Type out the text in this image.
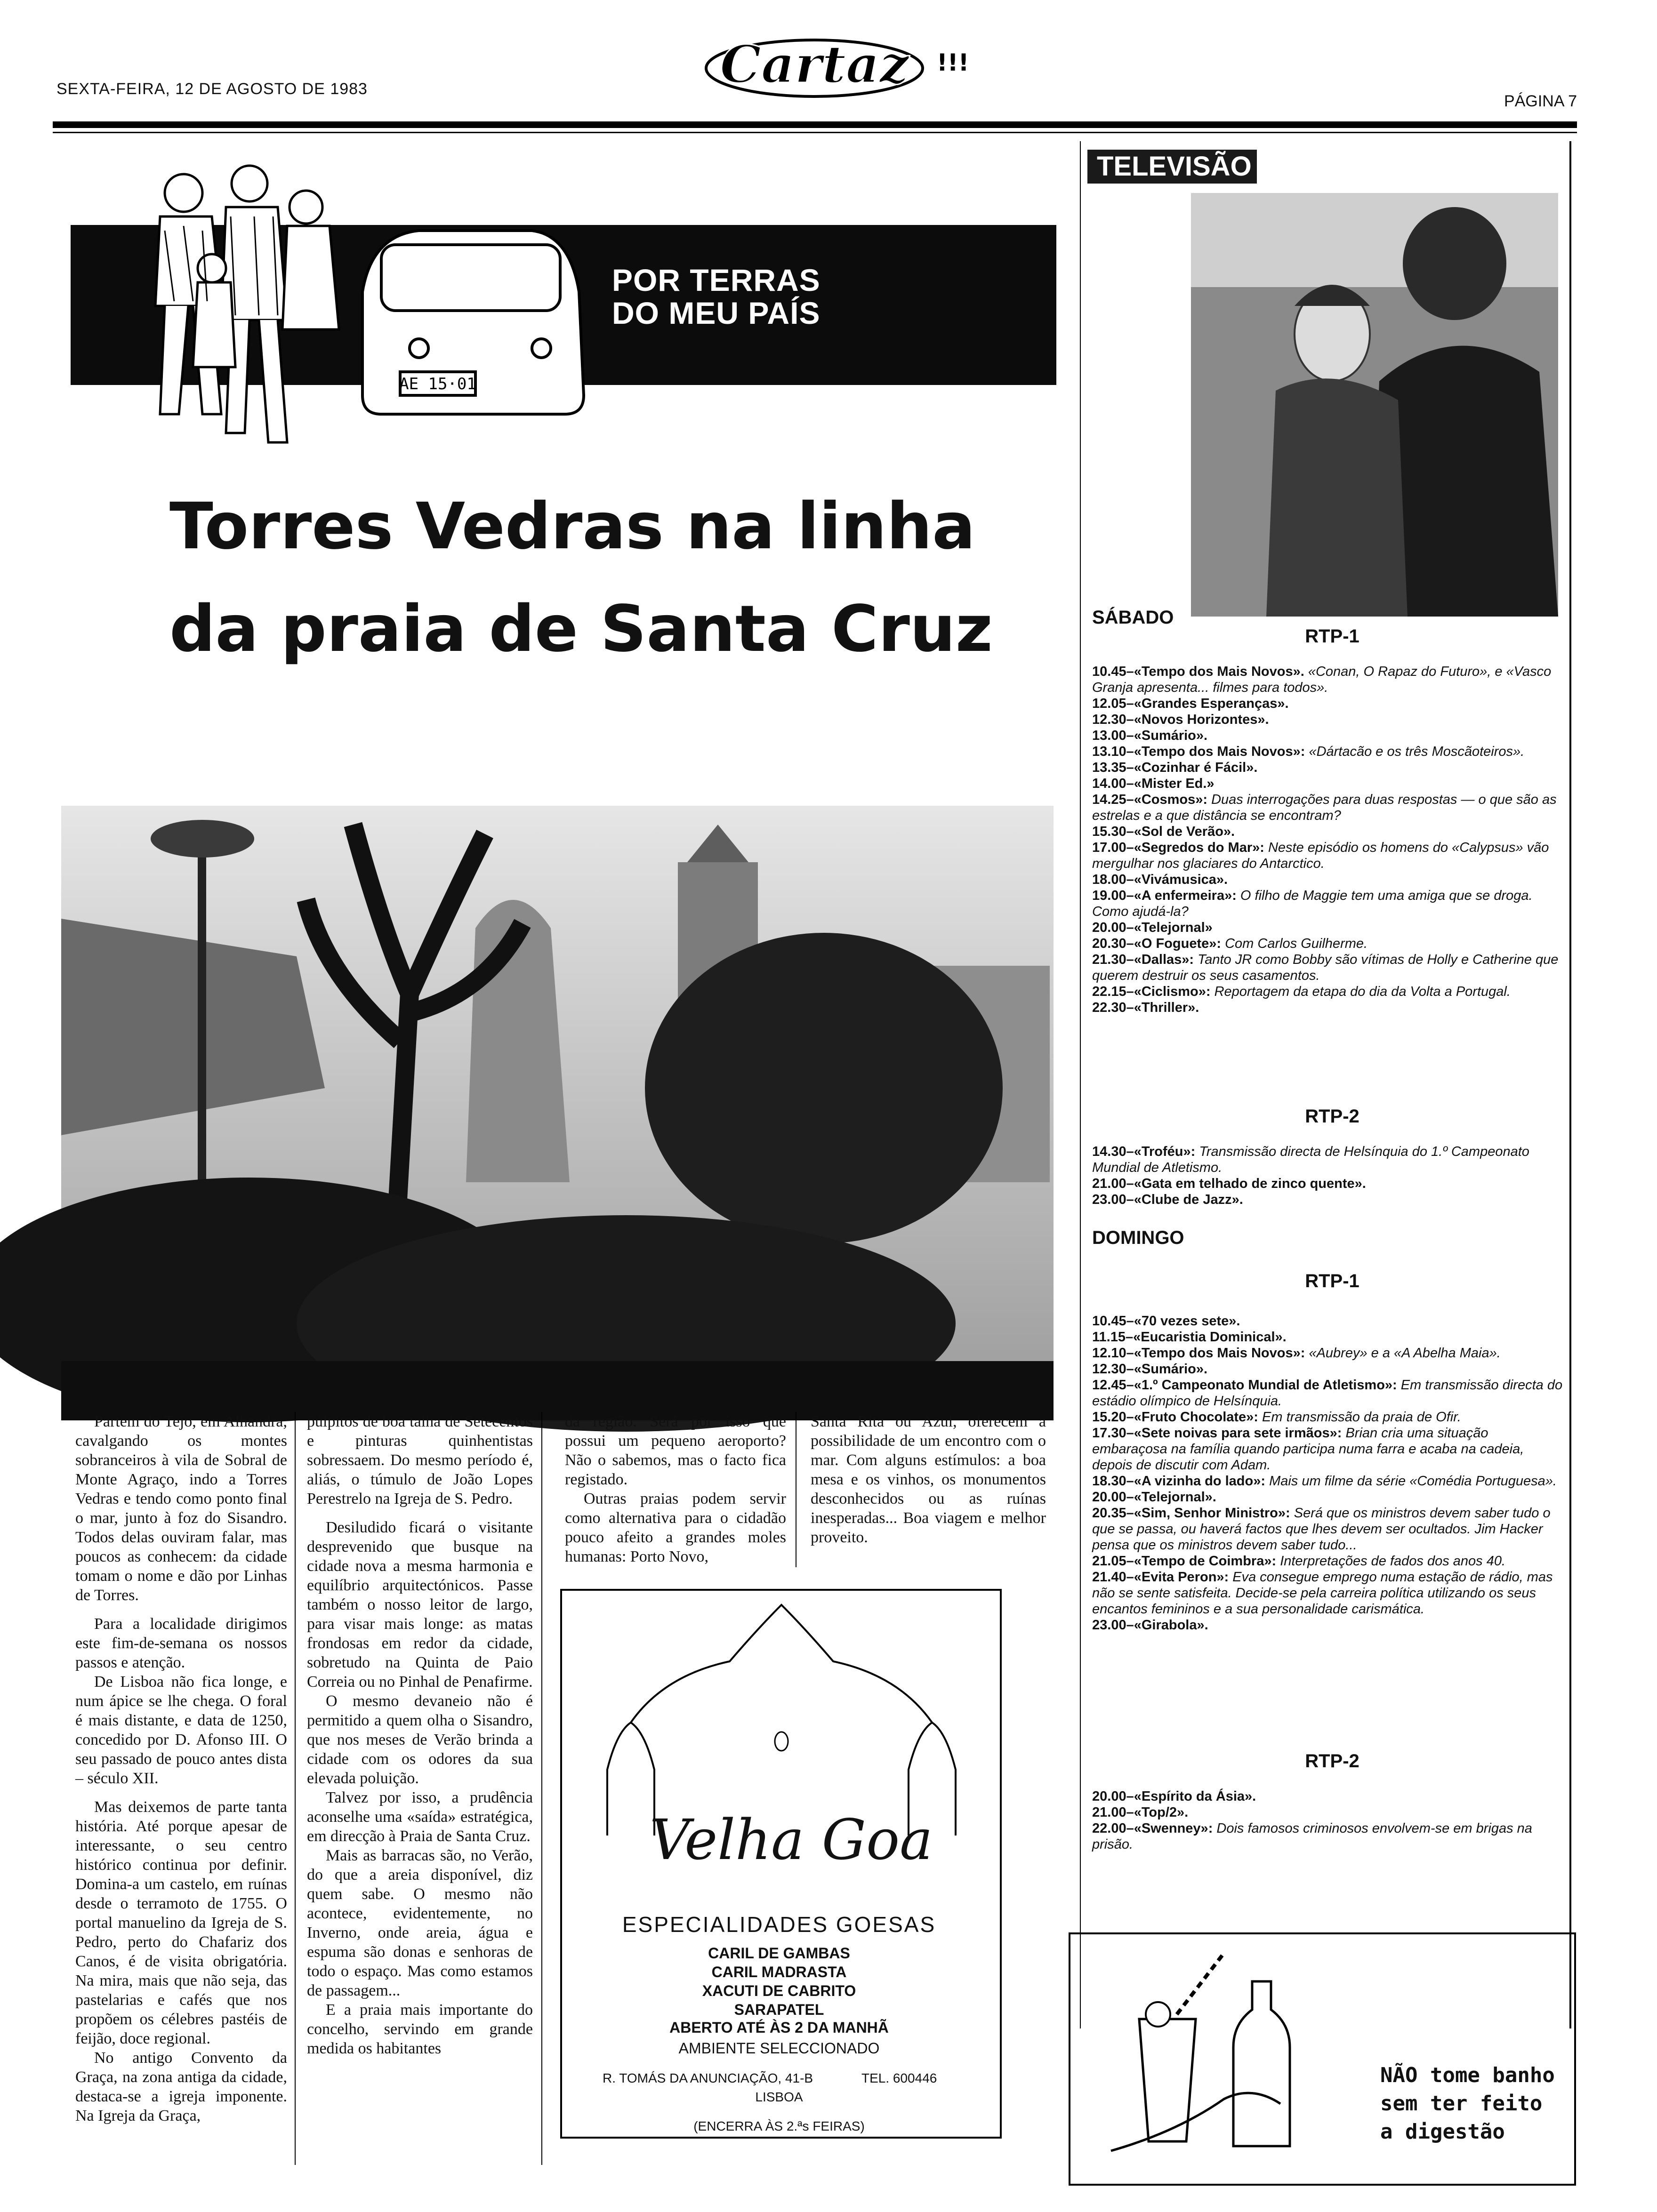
SEXTA-FEIRA, 12 DE AGOSTO DE 1983	Cartaz !!!
PÁGINA 7
AE 15·01
POR TERRAS
DO MEU PAÍS
Torres Vedras na linha
da praia de Santa Cruz

Partem do Tejo, em Alhandra, cavalgando os montes sobranceiros à vila de Sobral de Monte Agraço, indo a Torres Vedras e tendo como ponto final o mar, junto à foz do Sisandro. Todos delas ouviram falar, mas poucos as conhecem: da cidade tomam o nome e dão por Linhas de Torres.

Para a localidade dirigimos este fim-de-semana os nossos passos e atenção.

De Lisboa não fica longe, e num ápice se lhe chega. O foral é mais distante, e data de 1250, concedido por D. Afonso III. O seu passado de pouco antes dista – século XII.

Mas deixemos de parte tanta história. Até porque apesar de interessante, o seu centro histórico continua por definir. Domina-a um castelo, em ruínas desde o terramoto de 1755. O portal manuelino da Igreja de S. Pedro, perto do Chafariz dos Canos, é de visita obrigatória. Na mira, mais que não seja, das pastelarias e cafés que nos propõem os célebres pastéis de feijão, doce regional.

No antigo Convento da Graça, na zona antiga da cidade, destaca-se a igreja imponente. Na Igreja da Graça,

púlpitos de boa talha de Setecentos e pinturas quinhentistas sobressaem. Do mesmo período é, aliás, o túmulo de João Lopes Perestrelo na Igreja de S. Pedro.

Desiludido ficará o visitante desprevenido que busque na cidade nova a mesma harmonia e equilíbrio arquitectónicos. Passe também o nosso leitor de largo, para visar mais longe: as matas frondosas em redor da cidade, sobretudo na Quinta de Paio Correia ou no Pinhal de Penafirme.

O mesmo devaneio não é permitido a quem olha o Sisandro, que nos meses de Verão brinda a cidade com os odores da sua elevada poluição.

Talvez por isso, a prudência aconselhe uma «saída» estratégica, em direcção à Praia de Santa Cruz.

Mais as barracas são, no Verão, do que a areia disponível, diz quem sabe. O mesmo não acontece, evidentemente, no Inverno, onde areia, água e espuma são donas e senhoras de todo o espaço. Mas como estamos de passagem...

E a praia mais importante do concelho, servindo em grande medida os habitantes

da região. Será por isso que possui um pequeno aeroporto? Não o sabemos, mas o facto fica registado.

Outras praias podem servir como alternativa para o cidadão pouco afeito a grandes moles humanas: Porto Novo,

Santa Rita ou Azul, oferecem a possibilidade de um encontro com o mar. Com alguns estímulos: a boa mesa e os vinhos, os monumentos desconhecidos ou as ruínas inesperadas... Boa viagem e melhor proveito.

Velha Goa
ESPECIALIDADES GOESAS
CARIL DE GAMBAS
CARIL MADRASTA
XACUTI DE CABRITO
SARAPATEL
ABERTO ATÉ ÀS 2 DA MANHÃ
AMBIENTE SELECCIONADO
R. TOMÁS DA ANUNCIAÇÃO, 41-B	TEL. 600446
LISBOA
(ENCERRA ÀS 2.ªs FEIRAS)
TELEVISÃO
SÁBADO
RTP-1
10.45–«Tempo dos Mais Novos». «Conan, O Rapaz do Futuro», e «Vasco Granja apresenta... filmes para todos».
12.05–«Grandes Esperanças».
12.30–«Novos Horizontes».
13.00–«Sumário».
13.10–«Tempo dos Mais Novos»: «Dártacão e os três Moscãoteiros».
13.35–«Cozinhar é Fácil».
14.00–«Mister Ed.»
14.25–«Cosmos»: Duas interrogações para duas respostas — o que são as estrelas e a que distância se encontram?
15.30–«Sol de Verão».
17.00–«Segredos do Mar»: Neste episódio os homens do «Calypsus» vão mergulhar nos glaciares do Antarctico.
18.00–«Vivámusica».
19.00–«A enfermeira»: O filho de Maggie tem uma amiga que se droga. Como ajudá-la?
20.00–«Telejornal»
20.30–«O Foguete»: Com Carlos Guilherme.
21.30–«Dallas»: Tanto JR como Bobby são vítimas de Holly e Catherine que querem destruir os seus casamentos.
22.15–«Ciclismo»: Reportagem da etapa do dia da Volta a Portugal.
22.30–«Thriller».
RTP-2
14.30–«Troféu»: Transmissão directa de Helsínquia do 1.º Campeonato Mundial de Atletismo.
21.00–«Gata em telhado de zinco quente».
23.00–«Clube de Jazz».
DOMINGO
RTP-1
10.45–«70 vezes sete».
11.15–«Eucaristia Dominical».
12.10–«Tempo dos Mais Novos»: «Aubrey» e a «A Abelha Maia».
12.30–«Sumário».
12.45–«1.º Campeonato Mundial de Atletismo»: Em transmissão directa do estádio olímpico de Helsínquia.
15.20–«Fruto Chocolate»: Em transmissão da praia de Ofir.
17.30–«Sete noivas para sete irmãos»: Brian cria uma situação embaraçosa na família quando participa numa farra e acaba na cadeia, depois de discutir com Adam.
18.30–«A vizinha do lado»: Mais um filme da série «Comédia Portuguesa».
20.00–«Telejornal».
20.35–«Sim, Senhor Ministro»: Será que os ministros devem saber tudo o que se passa, ou haverá factos que lhes devem ser ocultados. Jim Hacker pensa que os ministros devem saber tudo...
21.05–«Tempo de Coimbra»: Interpretações de fados dos anos 40.
21.40–«Evita Peron»: Eva consegue emprego numa estação de rádio, mas não se sente satisfeita. Decide-se pela carreira política utilizando os seus encantos femininos e a sua personalidade carismática.
23.00–«Girabola».
RTP-2
20.00–«Espírito da Ásia».
21.00–«Top/2».
22.00–«Swenney»: Dois famosos criminosos envolvem-se em brigas na prisão.
NÃO tome banho
sem ter feito
a digestão
